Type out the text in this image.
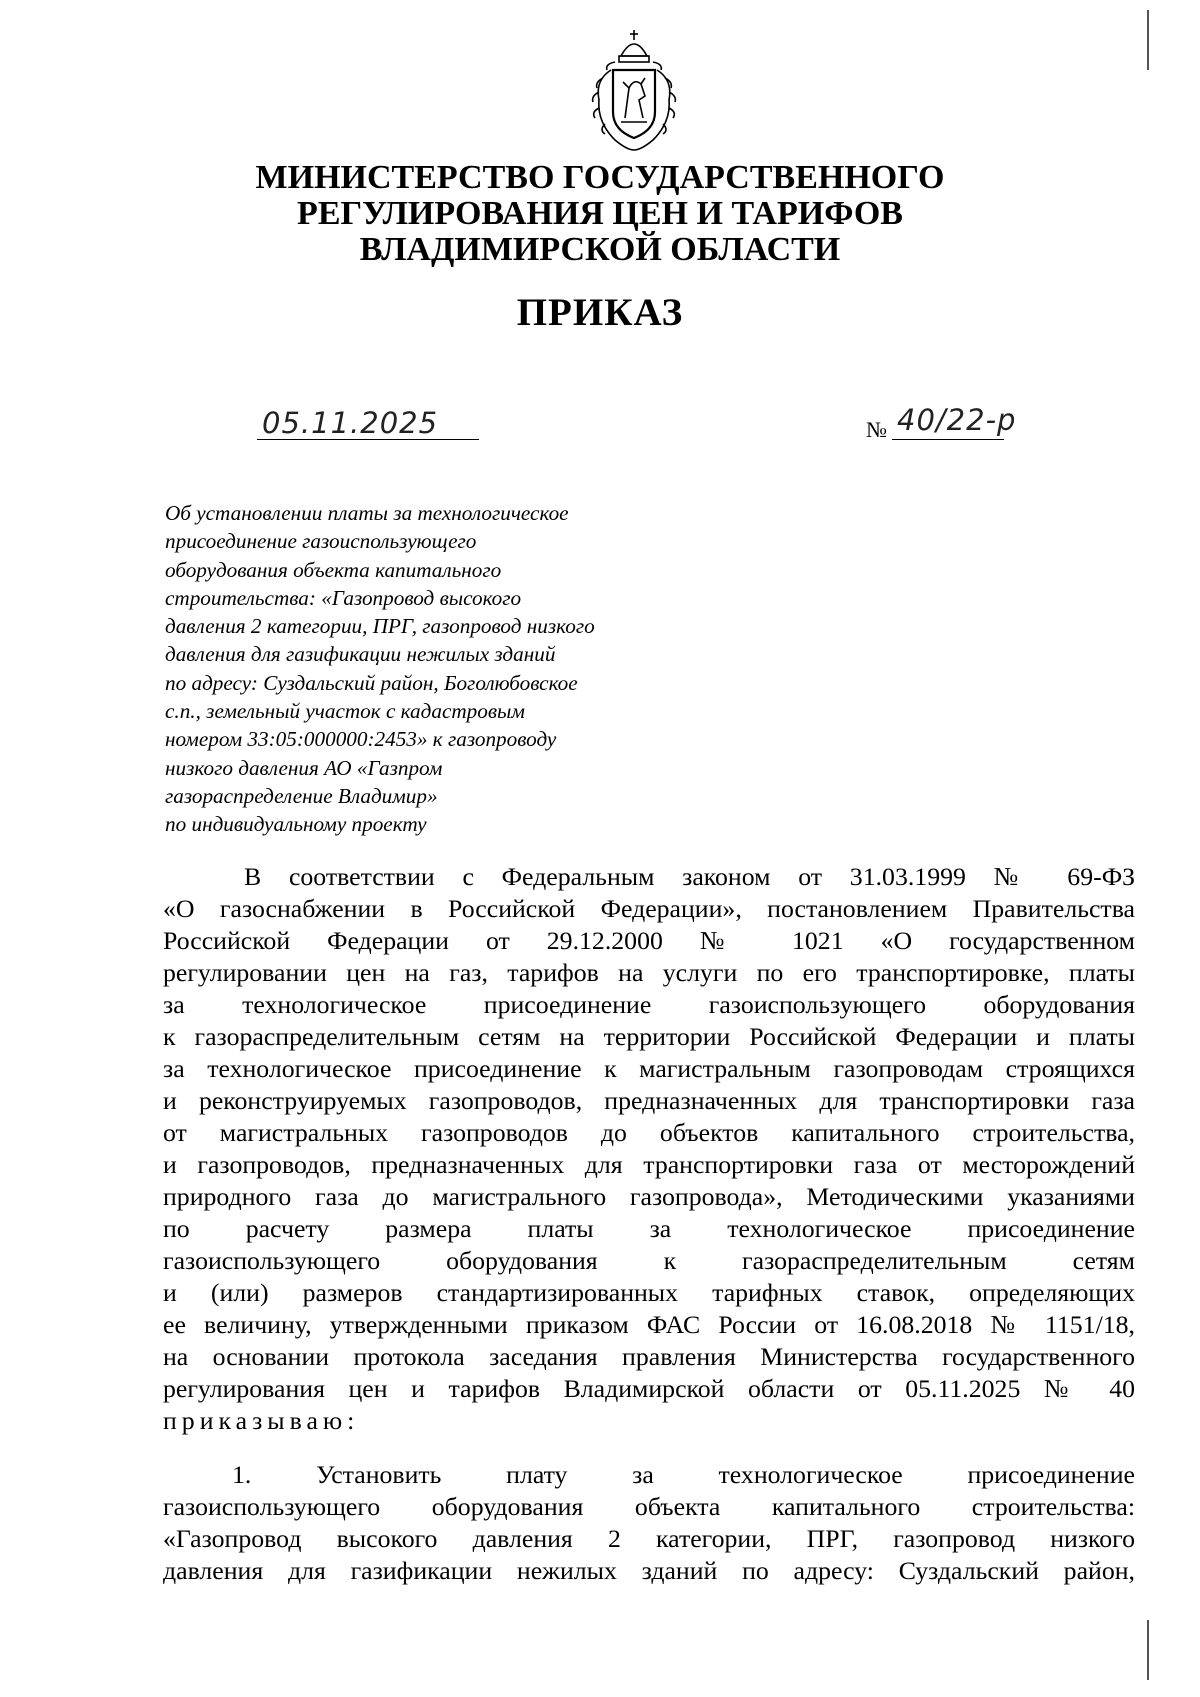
МИНИСТЕРСТВО ГОСУДАРСТВЕННОГО
РЕГУЛИРОВАНИЯ ЦЕН И ТАРИФОВ
ВЛАДИМИРСКОЙ ОБЛАСТИ
ПРИКАЗ
05.11.2025	№ 40/22-р
Об установлении платы за технологическое
присоединение газоиспользующего
оборудования объекта капитального
строительства: «Газопровод высокого
давления 2 категории, ПРГ, газопровод низкого
давления для газификации нежилых зданий
по адресу: Суздальский район, Боголюбовское
с.п., земельный участок с кадастровым
номером 33:05:000000:2453» к газопроводу
низкого давления АО «Газпром
газораспределение Владимир»
по индивидуальному проекту
В соответствии с Федеральным законом от 31.03.1999 № 69-ФЗ
«О газоснабжении в Российской Федерации», постановлением Правительства
Российской Федерации от 29.12.2000 № 1021 «О государственном
регулировании цен на газ, тарифов на услуги по его транспортировке, платы
за технологическое присоединение газоиспользующего оборудования
к газораспределительным сетям на территории Российской Федерации и платы
за технологическое присоединение к магистральным газопроводам строящихся
и реконструируемых газопроводов, предназначенных для транспортировки газа
от магистральных газопроводов до объектов капитального строительства,
и газопроводов, предназначенных для транспортировки газа от месторождений
природного газа до магистрального газопровода», Методическими указаниями
по расчету размера платы за технологическое присоединение
газоиспользующего оборудования к газораспределительным сетям
и (или) размеров стандартизированных тарифных ставок, определяющих
ее величину, утвержденными приказом ФАС России от 16.08.2018 № 1151/18,
на основании протокола заседания правления Министерства государственного
регулирования цен и тарифов Владимирской области от 05.11.2025 № 40
приказываю:
1. Установить плату за технологическое присоединение
газоиспользующего оборудования объекта капитального строительства:
«Газопровод высокого давления 2 категории, ПРГ, газопровод низкого
давления для газификации нежилых зданий по адресу: Суздальский район,
